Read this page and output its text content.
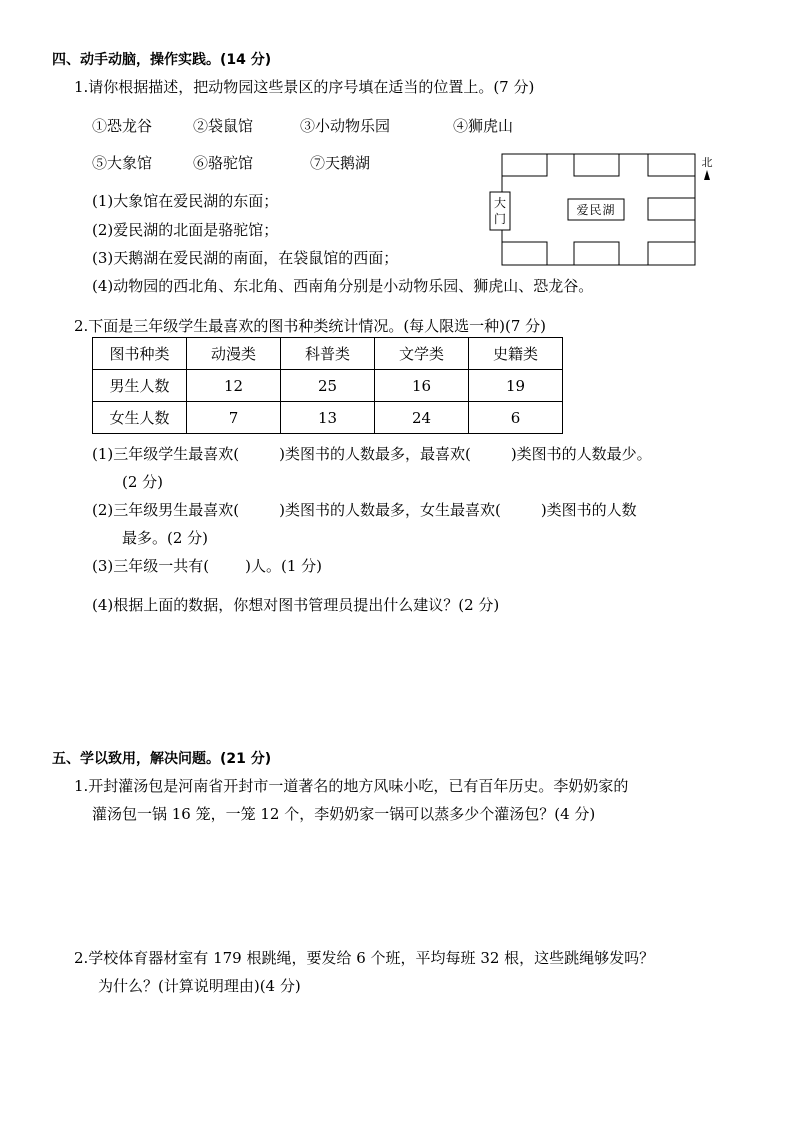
四、动手动脑，操作实践。(14 分)
1.请你根据描述，把动物园这些景区的序号填在适当的位置上。(7 分)
①恐龙谷	②袋鼠馆	③小动物乐园	④狮虎山
⑤大象馆	⑥骆驼馆	⑦天鹅湖
(1)大象馆在爱民湖的东面；
(2)爱民湖的北面是骆驼馆；
(3)天鹅湖在爱民湖的南面，在袋鼠馆的西面；
(4)动物园的西北角、东北角、西南角分别是小动物乐园、狮虎山、恐龙谷。
大
门
爱民湖
北
2.下面是三年级学生最喜欢的图书种类统计情况。(每人限选一种)(7 分)
图书种类	动漫类	科普类	文学类	史籍类
男生人数	12	25	16	19
女生人数	7	13	24	6
(1)三年级学生最喜欢(	)类图书的人数最多，最喜欢(	)类图书的人数最少。
(2 分)
(2)三年级男生最喜欢(	)类图书的人数最多，女生最喜欢(	)类图书的人数
最多。(2 分)
(3)三年级一共有( )人。(1 分)
(4)根据上面的数据，你想对图书管理员提出什么建议？(2 分)
五、学以致用，解决问题。(21 分)
1.开封灌汤包是河南省开封市一道著名的地方风味小吃，已有百年历史。李奶奶家的
灌汤包一锅 16 笼，一笼 12 个，李奶奶家一锅可以蒸多少个灌汤包？(4 分)
2.学校体育器材室有 179 根跳绳，要发给 6 个班，平均每班 32 根，这些跳绳够发吗？
为什么？(计算说明理由)(4 分)
